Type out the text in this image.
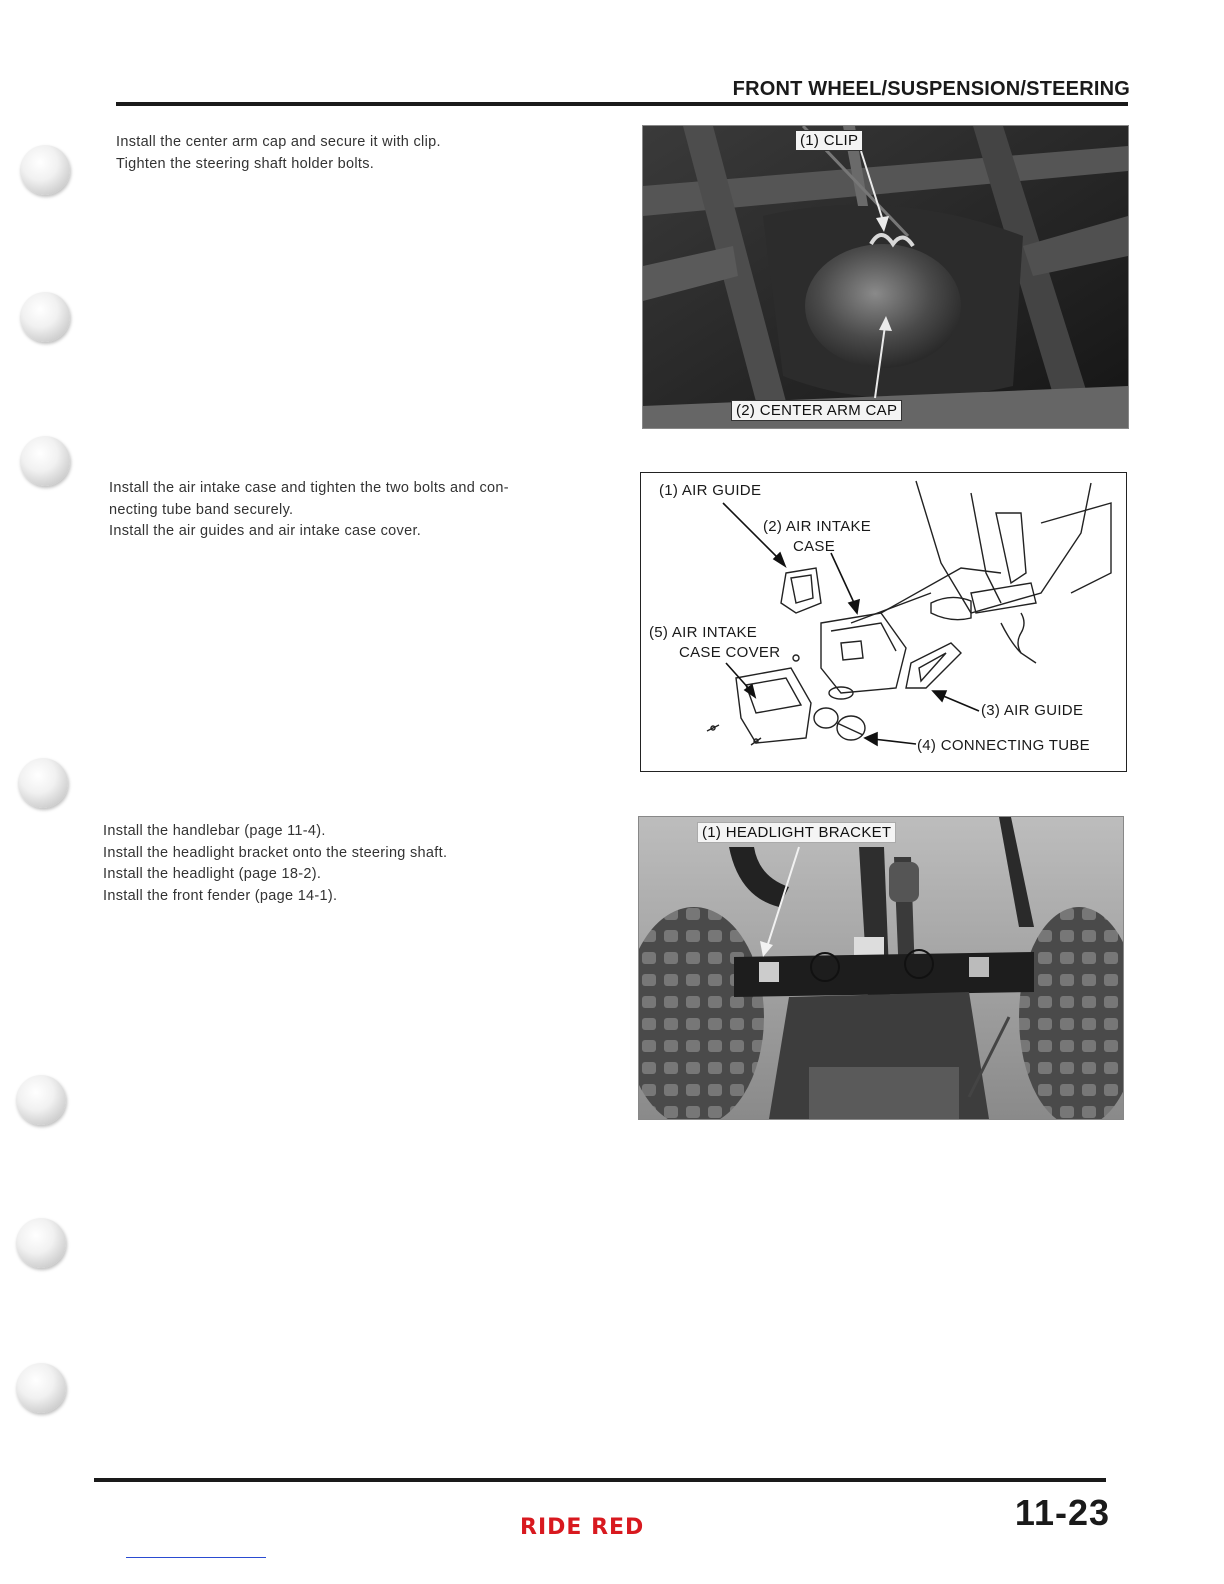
FRONT WHEEL/SUSPENSION/STEERING
Install the center arm cap and secure it with clip.
Tighten the steering shaft holder bolts.
(1) CLIP
(2) CENTER ARM CAP
Install the air intake case and tighten the two bolts and con-
necting tube band securely.
Install the air guides and air intake case cover.
(1) AIR GUIDE
(2) AIR INTAKE
CASE
(5) AIR INTAKE
CASE COVER
(3) AIR GUIDE
(4) CONNECTING TUBE
Install the handlebar (page 11-4).
Install the headlight bracket onto the steering shaft.
Install the headlight (page 18-2).
Install the front fender (page 14-1).
(1) HEADLIGHT BRACKET
RIDE RED	11-23
